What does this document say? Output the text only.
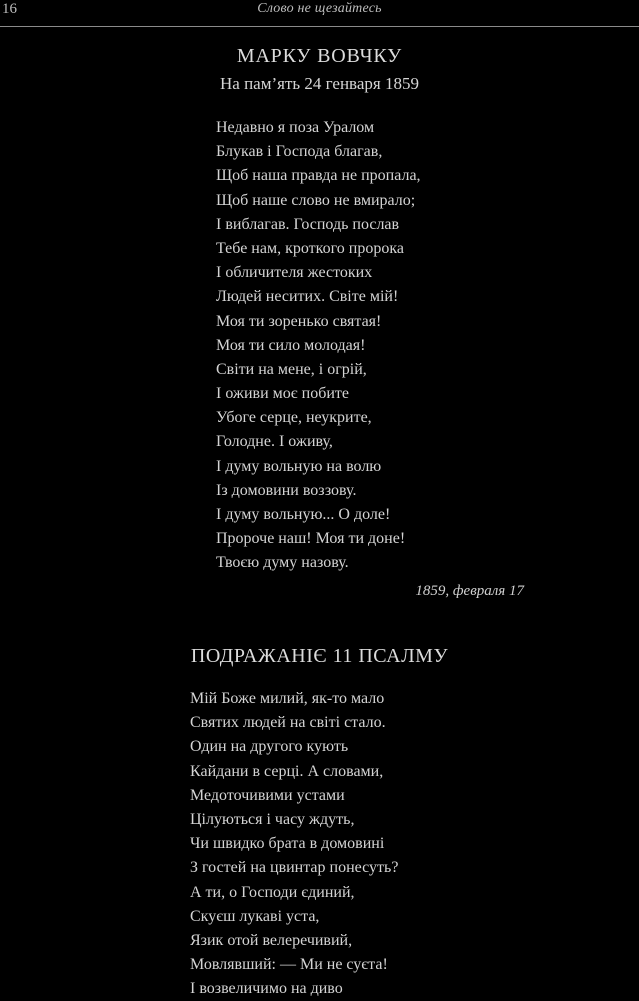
16	Слово не щезайтесь
МАРКУ ВОВЧКУ
На пам’ять 24 генваря 1859
Недавно я поза Уралом
Блукав і Господа благав,
Щоб наша правда не пропала,
Щоб наше слово не вмирало;
І виблагав. Господь послав
Тебе нам, кроткого пророка
І обличителя жестоких
Людей неситих. Світе мій!
Моя ти зоренько святая!
Моя ти сило молодая!
Світи на мене, і огрій,
І оживи моє побите
Убоге серце, неукрите,
Голодне. І оживу,
І думу вольную на волю
Із домовини воззову.
І думу вольную... О доле!
Пророче наш! Моя ти доне!
Твоєю думу назову.
1859, февраля 17
ПОДРАЖАНІЄ 11 ПСАЛМУ
Мій Боже милий, як-то мало
Святих людей на світі стало.
Один на другого кують
Кайдани в серці. А словами,
Медоточивими устами
Цілуються і часу ждуть,
Чи швидко брата в домовині
З гостей на цвинтар понесуть?
А ти, о Господи єдиний,
Скуєш лукаві уста,
Язик отой велеречивий,
Мовлявший: — Ми не суєта!
І возвеличимо на диво
